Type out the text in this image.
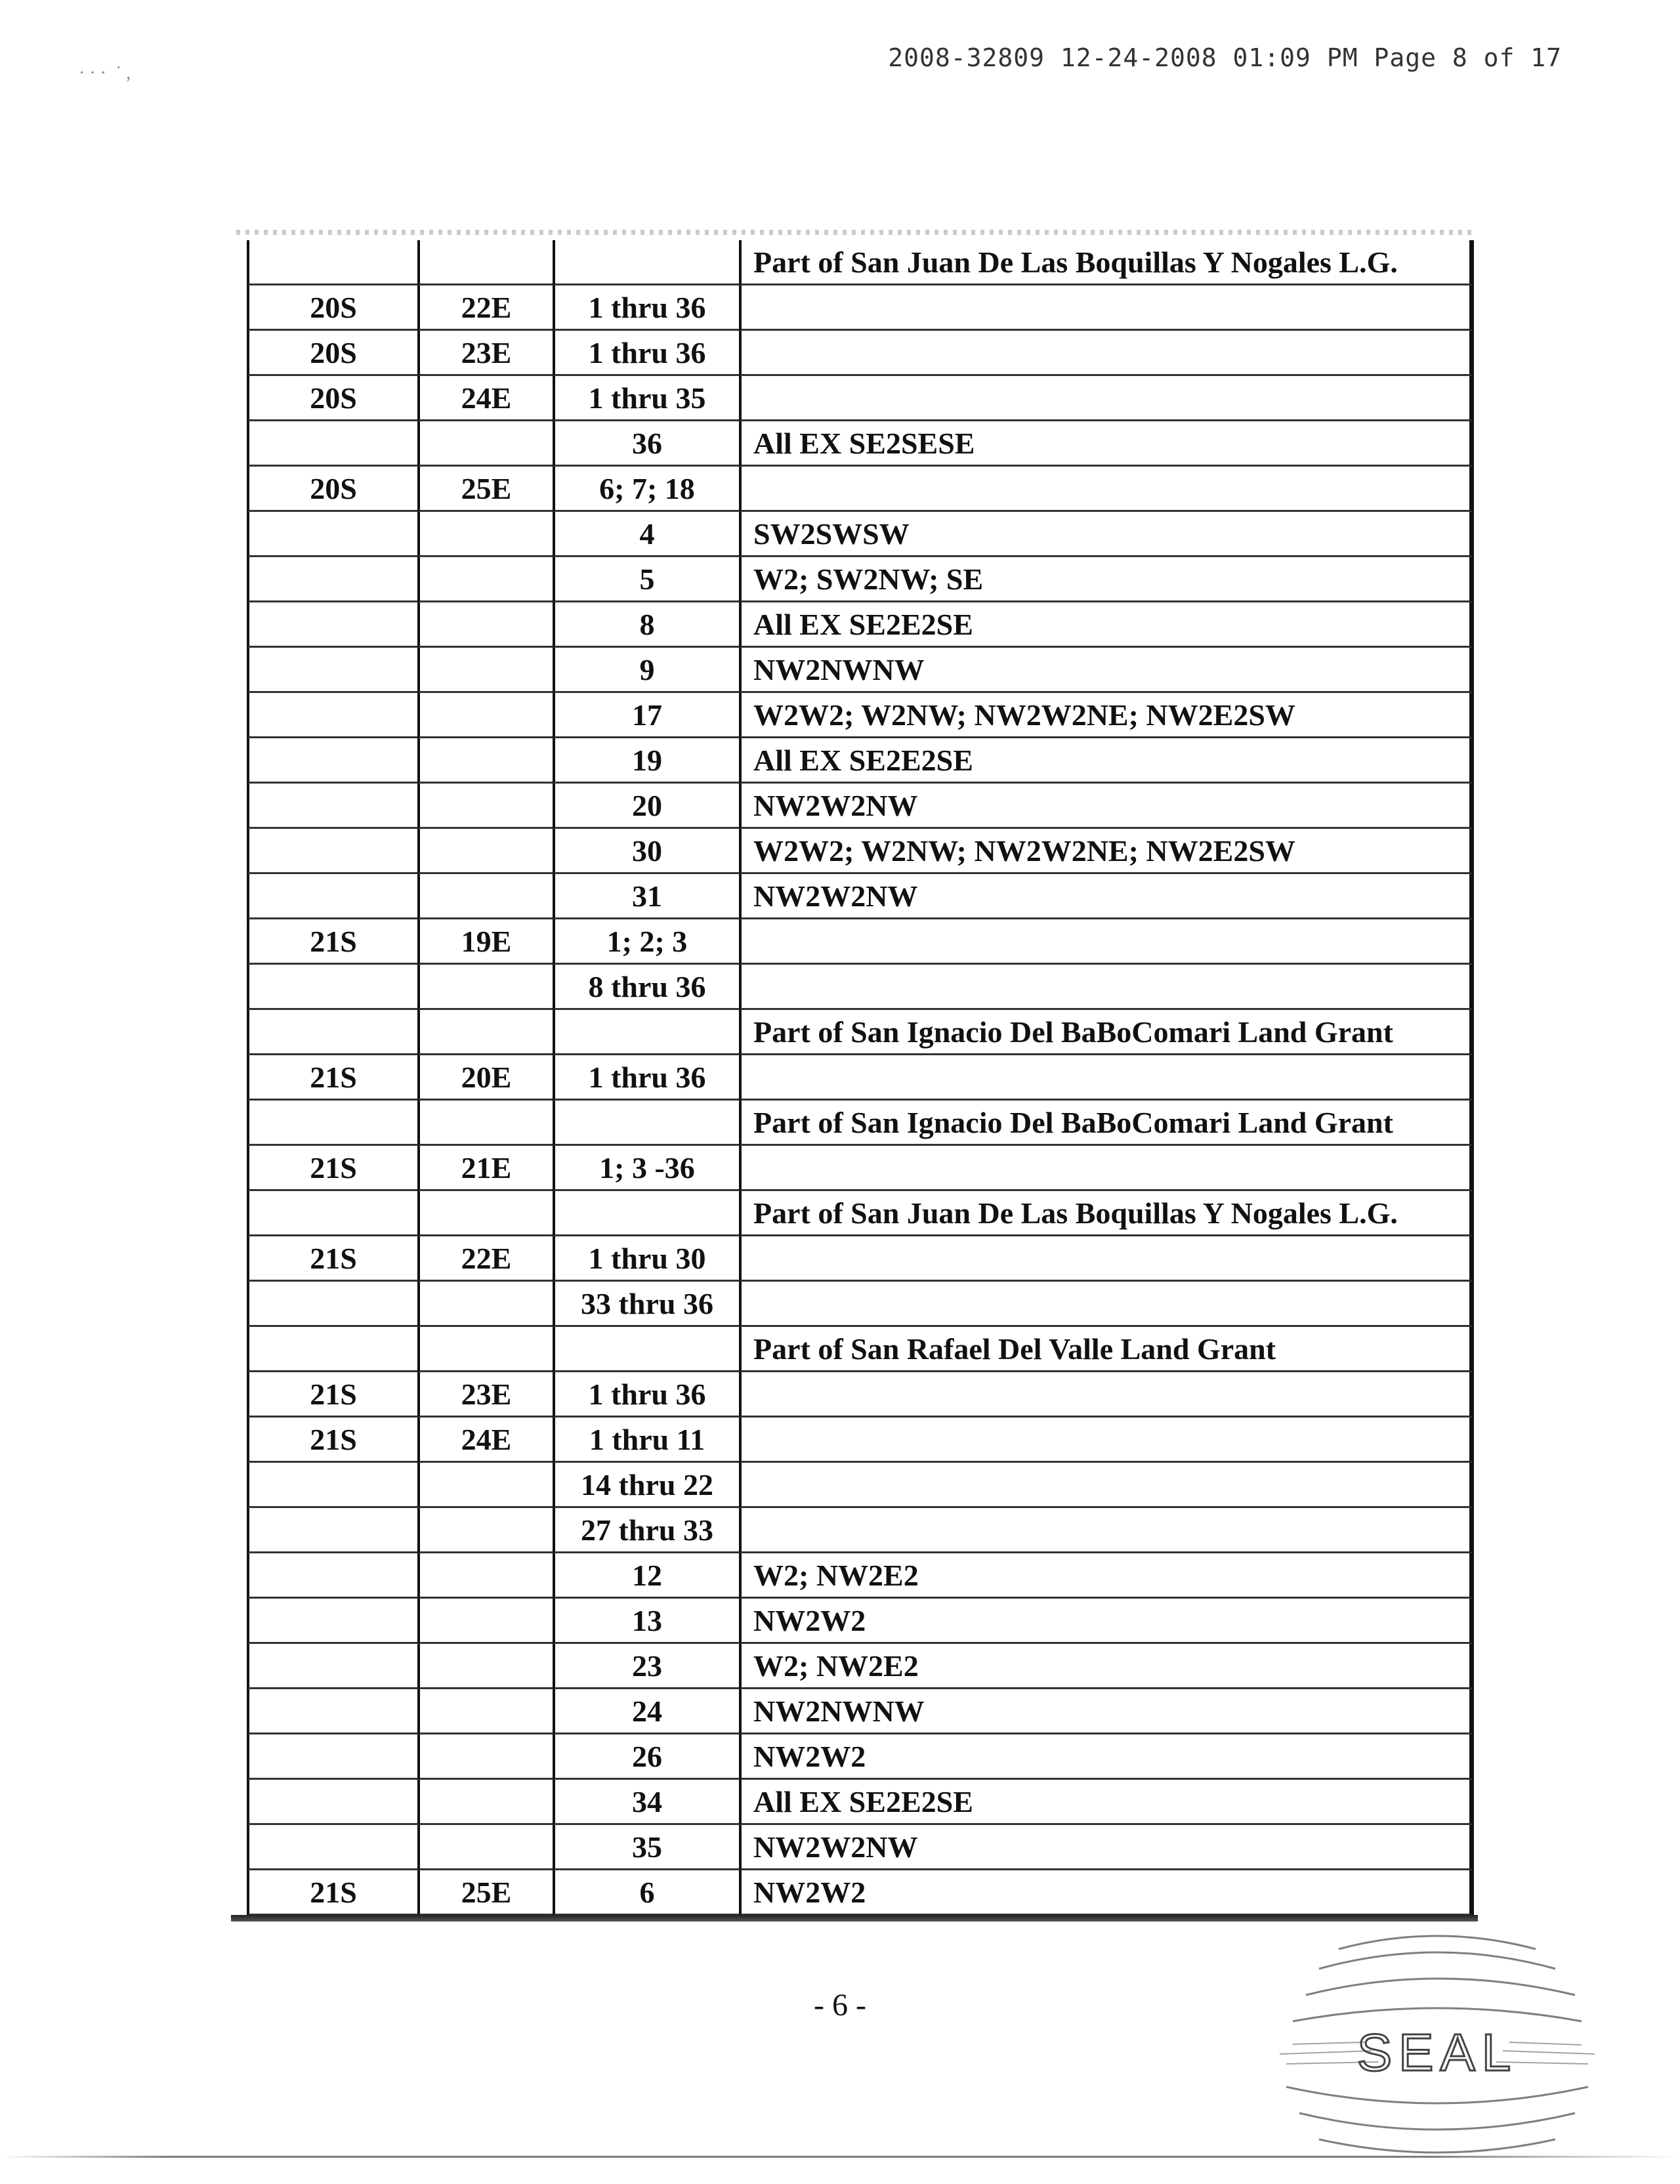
2008-32809 12-24-2008 01:09 PM Page 8 of 17
· · ·  ˙ ,
			Part of San Juan De Las Boquillas Y Nogales L.G.
20S	22E	1 thru 36	
20S	23E	1 thru 36	
20S	24E	1 thru 35	
		36	All EX SE2SESE
20S	25E	6; 7; 18	
		4	SW2SWSW
		5	W2; SW2NW; SE
		8	All EX SE2E2SE
		9	NW2NWNW
		17	W2W2; W2NW; NW2W2NE; NW2E2SW
		19	All EX SE2E2SE
		20	NW2W2NW
		30	W2W2; W2NW; NW2W2NE; NW2E2SW
		31	NW2W2NW
21S	19E	1; 2; 3	
		8 thru 36	
			Part of San Ignacio Del BaBoComari Land Grant
21S	20E	1 thru 36	
			Part of San Ignacio Del BaBoComari Land Grant
21S	21E	1; 3 -36	
			Part of San Juan De Las Boquillas Y Nogales L.G.
21S	22E	1 thru 30	
		33 thru 36	
			Part of San Rafael Del Valle Land Grant
21S	23E	1 thru 36	
21S	24E	1 thru 11	
		14 thru 22	
		27 thru 33	
		12	W2; NW2E2
		13	NW2W2
		23	W2; NW2E2
		24	NW2NWNW
		26	NW2W2
		34	All EX SE2E2SE
		35	NW2W2NW
21S	25E	6	NW2W2
- 6 -
SEAL
